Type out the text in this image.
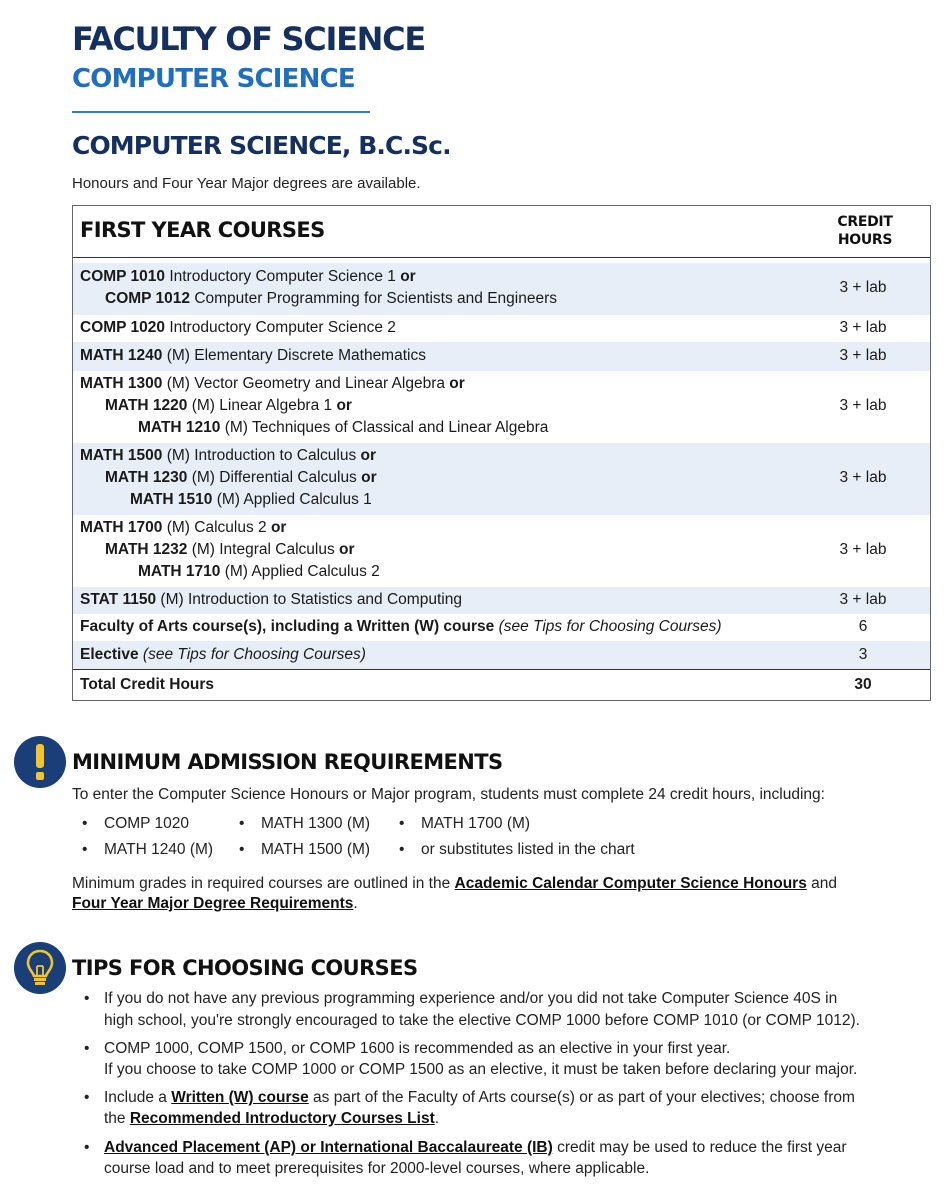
FACULTY OF SCIENCE
COMPUTER SCIENCE
COMPUTER SCIENCE, B.C.Sc.
Honours and Four Year Major degrees are available.
FIRST YEAR COURSES	CREDIT
HOURS
COMP 1010 Introductory Computer Science 1 or
COMP 1012 Computer Programming for Scientists and Engineers
3 + lab
COMP 1020 Introductory Computer Science 2	3 + lab
MATH 1240 (M) Elementary Discrete Mathematics	3 + lab
MATH 1300 (M) Vector Geometry and Linear Algebra or
MATH 1220 (M) Linear Algebra 1 or
MATH 1210 (M) Techniques of Classical and Linear Algebra
3 + lab
MATH 1500 (M) Introduction to Calculus or
MATH 1230 (M) Differential Calculus or
MATH 1510 (M) Applied Calculus 1
3 + lab
MATH 1700 (M) Calculus 2 or
MATH 1232 (M) Integral Calculus or
MATH 1710 (M) Applied Calculus 2
3 + lab
STAT 1150 (M) Introduction to Statistics and Computing	3 + lab
Faculty of Arts course(s), including a Written (W) course (see Tips for Choosing Courses)	6
Elective (see Tips for Choosing Courses)	3
Total Credit Hours	30
MINIMUM ADMISSION REQUIREMENTS
To enter the Computer Science Honours or Major program, students must complete 24 credit hours, including:
• COMP 1020	• MATH 1300 (M) • MATH 1700 (M)
• MATH 1240 (M) • MATH 1500 (M) • or substitutes listed in the chart
Minimum grades in required courses are outlined in the Academic Calendar Computer Science Honours and
Four Year Major Degree Requirements.
TIPS FOR CHOOSING COURSES
• If you do not have any previous programming experience and/or you did not take Computer Science 40S in
high school, you're strongly encouraged to take the elective COMP 1000 before COMP 1010 (or COMP 1012).
• COMP 1000, COMP 1500, or COMP 1600 is recommended as an elective in your first year.
If you choose to take COMP 1000 or COMP 1500 as an elective, it must be taken before declaring your major.
• Include a Written (W) course as part of the Faculty of Arts course(s) or as part of your electives; choose from
the Recommended Introductory Courses List.
• Advanced Placement (AP) or International Baccalaureate (IB) credit may be used to reduce the first year
course load and to meet prerequisites for 2000-level courses, where applicable.
